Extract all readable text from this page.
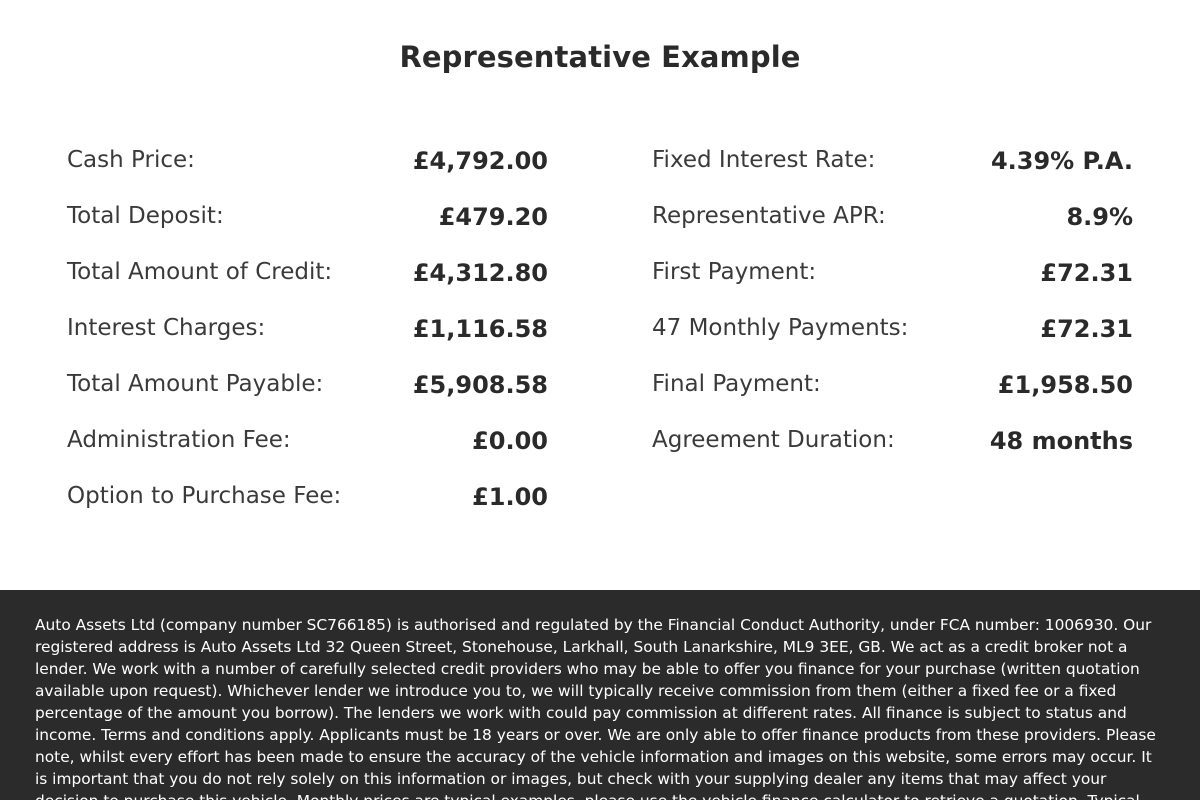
Representative Example
Cash Price:	£4,792.00
Total Deposit:	£479.20
Total Amount of Credit:	£4,312.80
Interest Charges:	£1,116.58
Total Amount Payable:	£5,908.58
Administration Fee:	£0.00
Option to Purchase Fee:	£1.00
Fixed Interest Rate:	4.39% P.A.
Representative APR:	8.9%
First Payment:	£72.31
47 Monthly Payments:	£72.31
Final Payment:	£1,958.50
Agreement Duration:	48 months

Auto Assets Ltd (company number SC766185) is authorised and regulated by the Financial Conduct Authority, under FCA number: 1006930. Our registered address is Auto Assets Ltd 32 Queen Street, Stonehouse, Larkhall, South Lanarkshire, ML9 3EE, GB. We act as a credit broker not a lender. We work with a number of carefully selected credit providers who may be able to offer you finance for your purchase (written quotation available upon request). Whichever lender we introduce you to, we will typically receive commission from them (either a fixed fee or a fixed percentage of the amount you borrow). The lenders we work with could pay commission at different rates. All finance is subject to status and income. Terms and conditions apply. Applicants must be 18 years or over. We are only able to offer finance products from these providers. Please note, whilst every effort has been made to ensure the accuracy of the vehicle information and images on this website, some errors may occur. It is important that you do not rely solely on this information or images, but check with your supplying dealer any items that may affect your decision to purchase this vehicle. Monthly prices are typical examples, please use the vehicle finance calculator to retrieve a quotation. Typical
